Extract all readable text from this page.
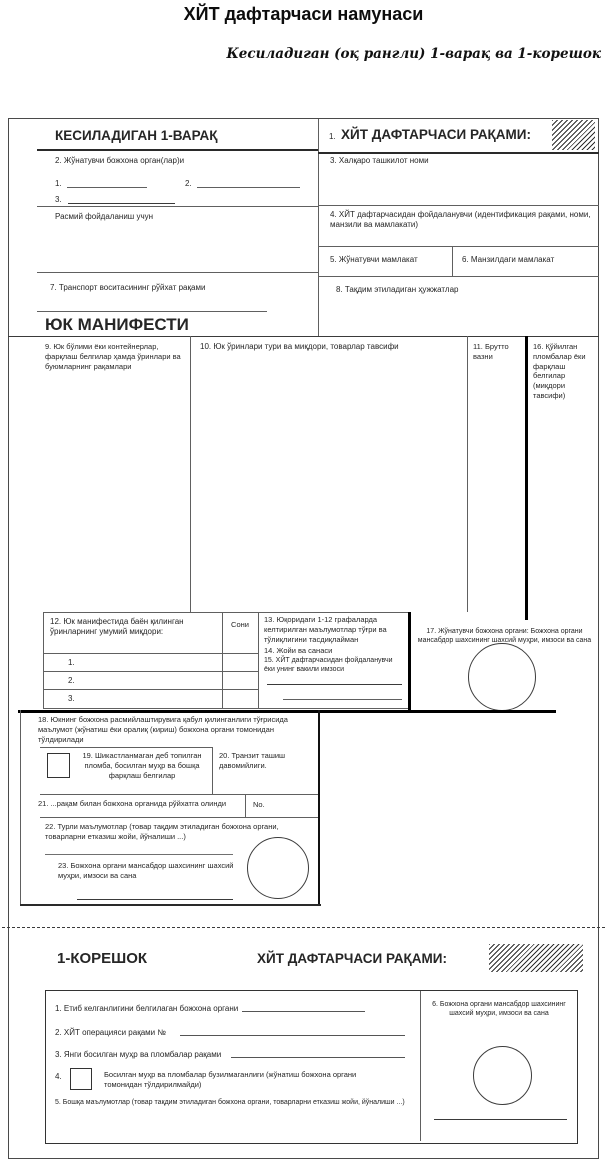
ХЙТ дафтарчаси намунаси
Кесиладиган (оқ рангли) 1-варақ ва 1-корешок
КЕСИЛАДИГАН 1-ВАРАҚ	1. ХЙТ ДАФТАРЧАСИ РАҚАМИ:
2. Жўнатувчи божхона орган(лар)и
1.	2.
3.
Расмий фойдаланиш учун
7. Транспорт воситасининг рўйхат рақами
ЮК МАНИФЕСТИ
3. Халқаро ташкилот номи
4. ХЙТ дафтарчасидан фойдаланувчи (идентификация рақами, номи, манзили ва мамлакати)
5. Жўнатувчи мамлакат	6. Манзилдаги мамлакат
8. Тақдим этиладиган ҳужжатлар
9. Юк бўлими ёки контейнерлар, фарқлаш белгилар ҳамда ўринлари ва буюмларнинг рақамлари
10. Юк ўринлари тури ва миқдори, товарлар тавсифи	11. Брутто вазни
16. Қўйилган пломбалар ёки фарқлаш белгилар (миқдори тавсифи)
12. Юк манифестида баён қилинган ўринларнинг умумий миқдори:
Сони
1.
2.
3.
13. Юқоридаги 1-12 графаларда келтирилган маълумотлар тўғри ва тўлиқлигини тасдиқлайман
14. Жойи ва санаси
15. ХЙТ дафтарчасидан фойдаланувчи ёки унинг вакили имзоси
17. Жўнатувчи божхона органи: Божхона органи мансабдор шахсининг шахсий муҳри, имзоси ва сана
18. Юкнинг божхона расмийлаштирувига қабул қилинганлиги тўғрисида маълумот (жўнатиш ёки оралиқ (кириш) божхона органи томонидан тўлдирилади
19. Шикастланмаган деб топилган пломба, босилган муҳр ва бошқа фарқлаш белгилар
20. Транзит ташиш давомийлиги.
21. ...рақам билан божхона органида рўйхатга олинди	No.
22. Турли маълумотлар (товар тақдим этиладиган божхона органи, товарларни етказиш жойи, йўналиши ...)
23. Божхона органи мансабдор шахсининг шахсий муҳри, имзоси ва сана
1-КОРЕШОК	ХЙТ ДАФТАРЧАСИ РАҚАМИ:
1. Етиб келганлигини белгилаган божхона органи
2. ХЙТ операцияси рақами №
3. Янги босилган муҳр ва пломбалар рақами
4.	Босилган муҳр ва пломбалар бузилмаганлиги (жўнатиш божхона органи томонидан тўлдирилмайди)
5. Бошқа маълумотлар (товар тақдим этиладиган божхона органи, товарларни етказиш жойи, йўналиши ...)
6. Божхона органи мансабдор шахсининг шахсий муҳри, имзоси ва сана
